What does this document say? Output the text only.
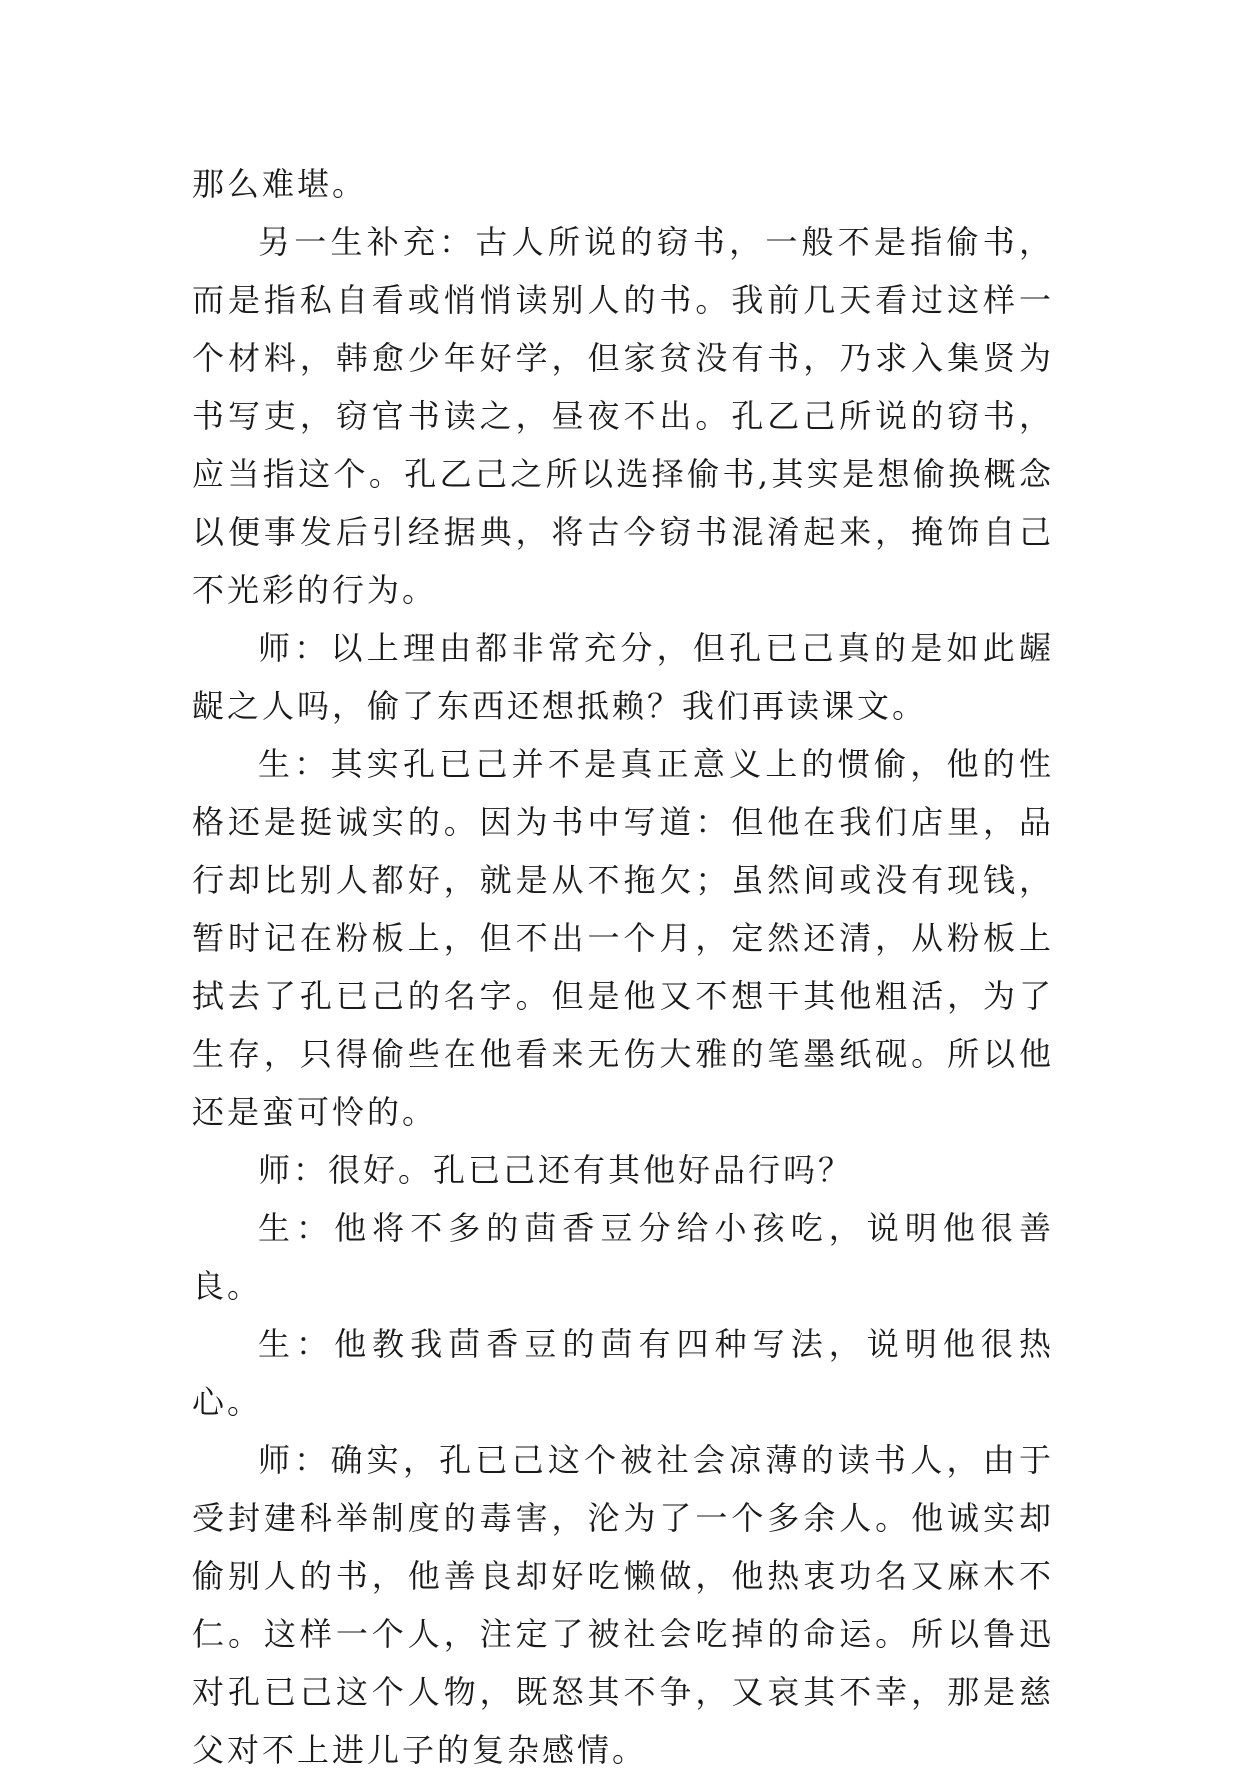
那么难堪。

另一生补充：古人所说的窃书，一般不是指偷书，而是指私自看或悄悄读别人的书。我前几天看过这样一个材料，韩愈少年好学，但家贫没有书，乃求入集贤为书写吏，窃官书读之，昼夜不出。孔乙己所说的窃书，应当指这个。孔乙己之所以选择偷书,其实是想偷换概念以便事发后引经据典，将古今窃书混淆起来，掩饰自己不光彩的行为。

师：以上理由都非常充分，但孔已己真的是如此龌龊之人吗，偷了东西还想抵赖？我们再读课文。

生：其实孔已己并不是真正意义上的惯偷，他的性格还是挺诚实的。因为书中写道：但他在我们店里，品行却比别人都好，就是从不拖欠；虽然间或没有现钱，暂时记在粉板上，但不出一个月，定然还清，从粉板上拭去了孔已己的名字。但是他又不想干其他粗活，为了生存，只得偷些在他看来无伤大雅的笔墨纸砚。所以他还是蛮可怜的。

师：很好。孔已己还有其他好品行吗？

生：他将不多的茴香豆分给小孩吃，说明他很善良。

生：他教我茴香豆的茴有四种写法，说明他很热心。

师：确实，孔已己这个被社会凉薄的读书人，由于受封建科举制度的毒害，沦为了一个多余人。他诚实却偷别人的书，他善良却好吃懒做，他热衷功名又麻木不仁。这样一个人，注定了被社会吃掉的命运。所以鲁迅对孔已己这个人物，既怒其不争，又哀其不幸，那是慈父对不上进儿子的复杂感情。
